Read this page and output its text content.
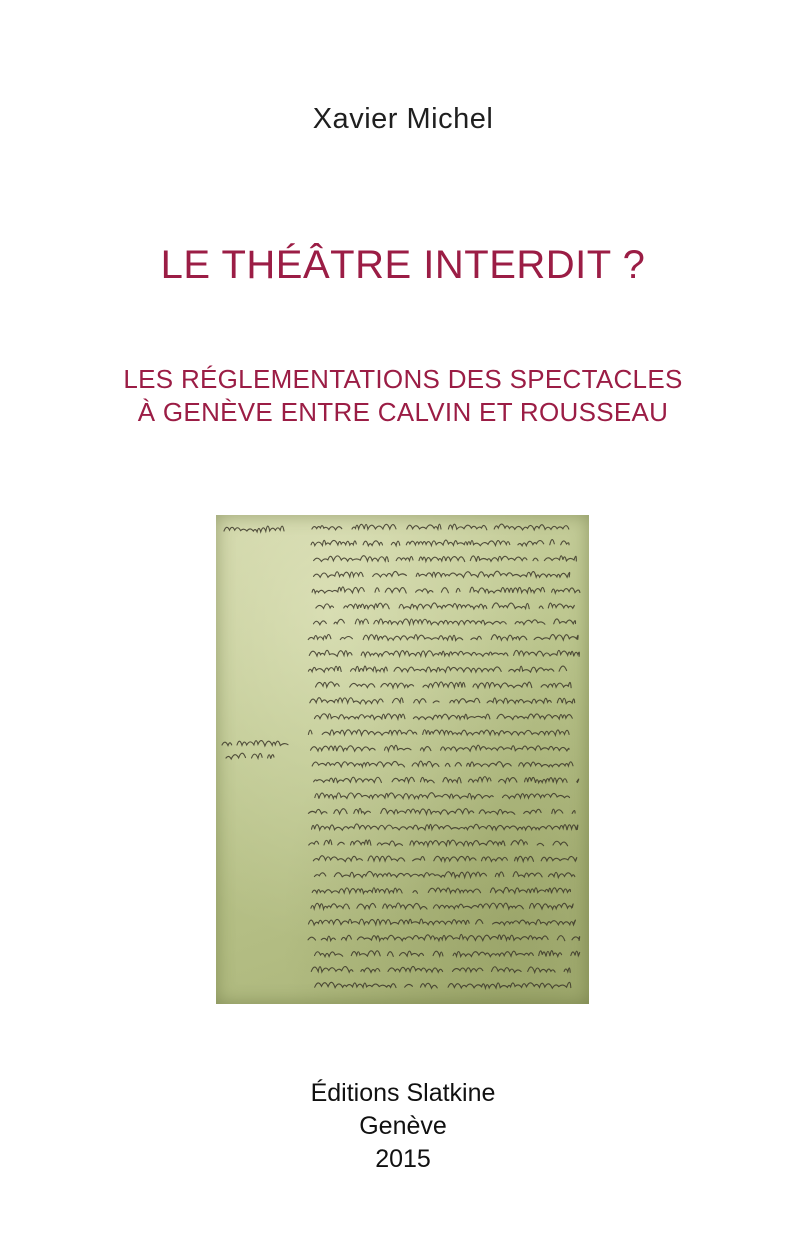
Xavier Michel
LE THÉÂTRE INTERDIT ?
LES RÉGLEMENTATIONS DES SPECTACLES
À GENÈVE ENTRE CALVIN ET ROUSSEAU
Éditions Slatkine
Genève
2015
